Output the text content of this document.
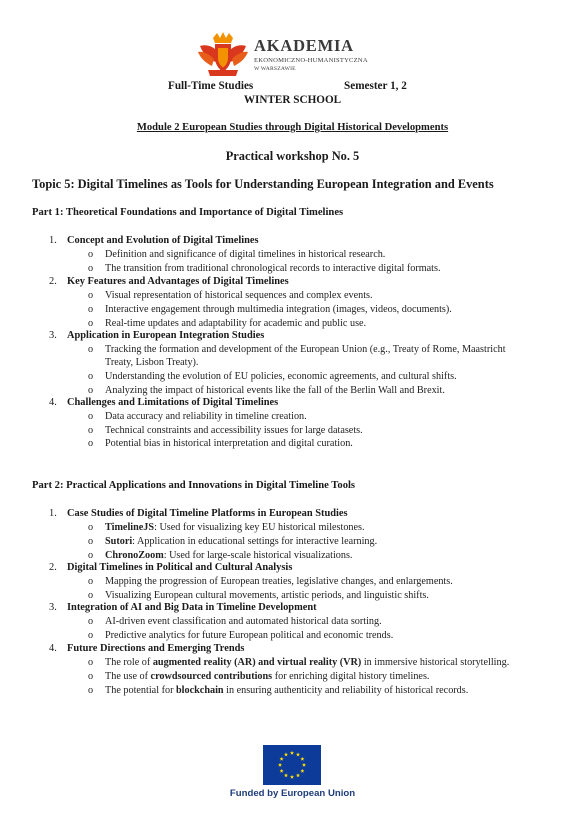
AKADEMIA
EKONOMICZNO-HUMANISTYCZNA
W WARSZAWIE
Full-Time Studies	Semester 1, 2
WINTER SCHOOL
Module 2 European Studies through Digital Historical Developments
Practical workshop No. 5
Topic 5: Digital Timelines as Tools for Understanding European Integration and Events
Part 1: Theoretical Foundations and Importance of Digital Timelines
1. Concept and Evolution of Digital Timelines
o Definition and significance of digital timelines in historical research.
o The transition from traditional chronological records to interactive digital formats.
2. Key Features and Advantages of Digital Timelines
o Visual representation of historical sequences and complex events.
o Interactive engagement through multimedia integration (images, videos, documents).
o Real-time updates and adaptability for academic and public use.
3. Application in European Integration Studies
o Tracking the formation and development of the European Union (e.g., Treaty of Rome, Maastricht
Treaty, Lisbon Treaty).
o Understanding the evolution of EU policies, economic agreements, and cultural shifts.
o Analyzing the impact of historical events like the fall of the Berlin Wall and Brexit.
4. Challenges and Limitations of Digital Timelines
o Data accuracy and reliability in timeline creation.
o Technical constraints and accessibility issues for large datasets.
o Potential bias in historical interpretation and digital curation.
Part 2: Practical Applications and Innovations in Digital Timeline Tools
1. Case Studies of Digital Timeline Platforms in European Studies
o TimelineJS: Used for visualizing key EU historical milestones.
o Sutori: Application in educational settings for interactive learning.
o ChronoZoom: Used for large-scale historical visualizations.
2. Digital Timelines in Political and Cultural Analysis
o Mapping the progression of European treaties, legislative changes, and enlargements.
o Visualizing European cultural movements, artistic periods, and linguistic shifts.
3. Integration of AI and Big Data in Timeline Development
o AI-driven event classification and automated historical data sorting.
o Predictive analytics for future European political and economic trends.
4. Future Directions and Emerging Trends
o The role of augmented reality (AR) and virtual reality (VR) in immersive historical storytelling.
o The use of crowdsourced contributions for enriching digital history timelines.
o The potential for blockchain in ensuring authenticity and reliability of historical records.
Funded by European Union
